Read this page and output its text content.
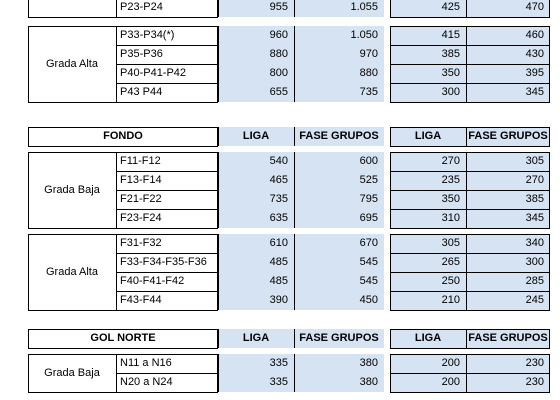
P23-P24	955	1.055	425	470
Grada Alta
P33-P34(*)	960	1.050	415	460
P35-P36	880	970	385	430
P40-P41-P42	800	880	350	395
P43 P44	655	735	300	345
FONDO	LIGA	FASE GRUPOS	LIGA	FASE GRUPOS
Grada Baja
F11-F12	540	600	270	305
F13-F14	465	525	235	270
F21-F22	735	795	350	385
F23-F24	635	695	310	345
Grada Alta
F31-F32	610	670	305	340
F33-F34-F35-F36	485	545	265	300
F40-F41-F42	485	545	250	285
F43-F44	390	450	210	245
GOL NORTE	LIGA	FASE GRUPOS	LIGA	FASE GRUPOS
Grada Baja
N11 a N16	335	380	200	230
N20 a N24	335	380	200	230
